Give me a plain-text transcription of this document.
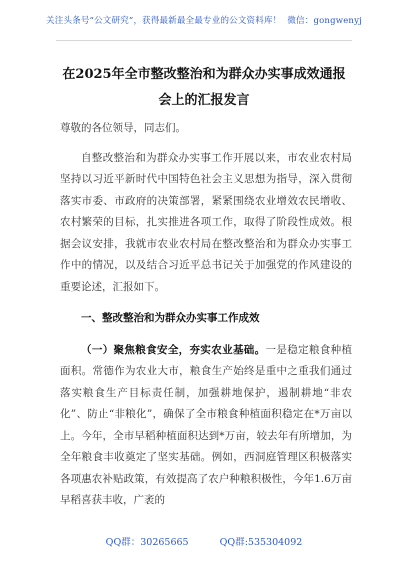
关注头条号“公文研究”，获得最新最全最专业的公文资料库！ 微信：gongwenyj
在2025年全市整改整治和为群众办实事成效通报会上的汇报发言

尊敬的各位领导，同志们。

自整改整治和为群众办实事工作开展以来，市农业农村局坚持以习近平新时代中国特色社会主义思想为指导，深入贯彻落实市委、市政府的决策部署，紧紧围绕农业增效农民增收、农村繁荣的目标，扎实推进各项工作，取得了阶段性成效。根据会议安排，我就市农业农村局在整改整治和为群众办实事工作中的情况，以及结合习近平总书记关于加强党的作风建设的重要论述，汇报如下。

一、整改整治和为群众办实事工作成效

（一）聚焦粮食安全，夯实农业基础。一是稳定粮食种植面积。常德作为农业大市，粮食生产始终是重中之重我们通过落实粮食生产目标责任制，加强耕地保护，遏制耕地“非农化”、防止“非粮化”，确保了全市粮食种植面积稳定在*万亩以上。今年，全市早稻种植面积达到*万亩，较去年有所增加，为全年粮食丰收奠定了坚实基础。例如，西洞庭管理区积极落实各项惠农补贴政策，有效提高了农户种粮积极性，今年1.6万亩早稻喜获丰收，广袤的

QQ群：30265665	QQ群:535304092
